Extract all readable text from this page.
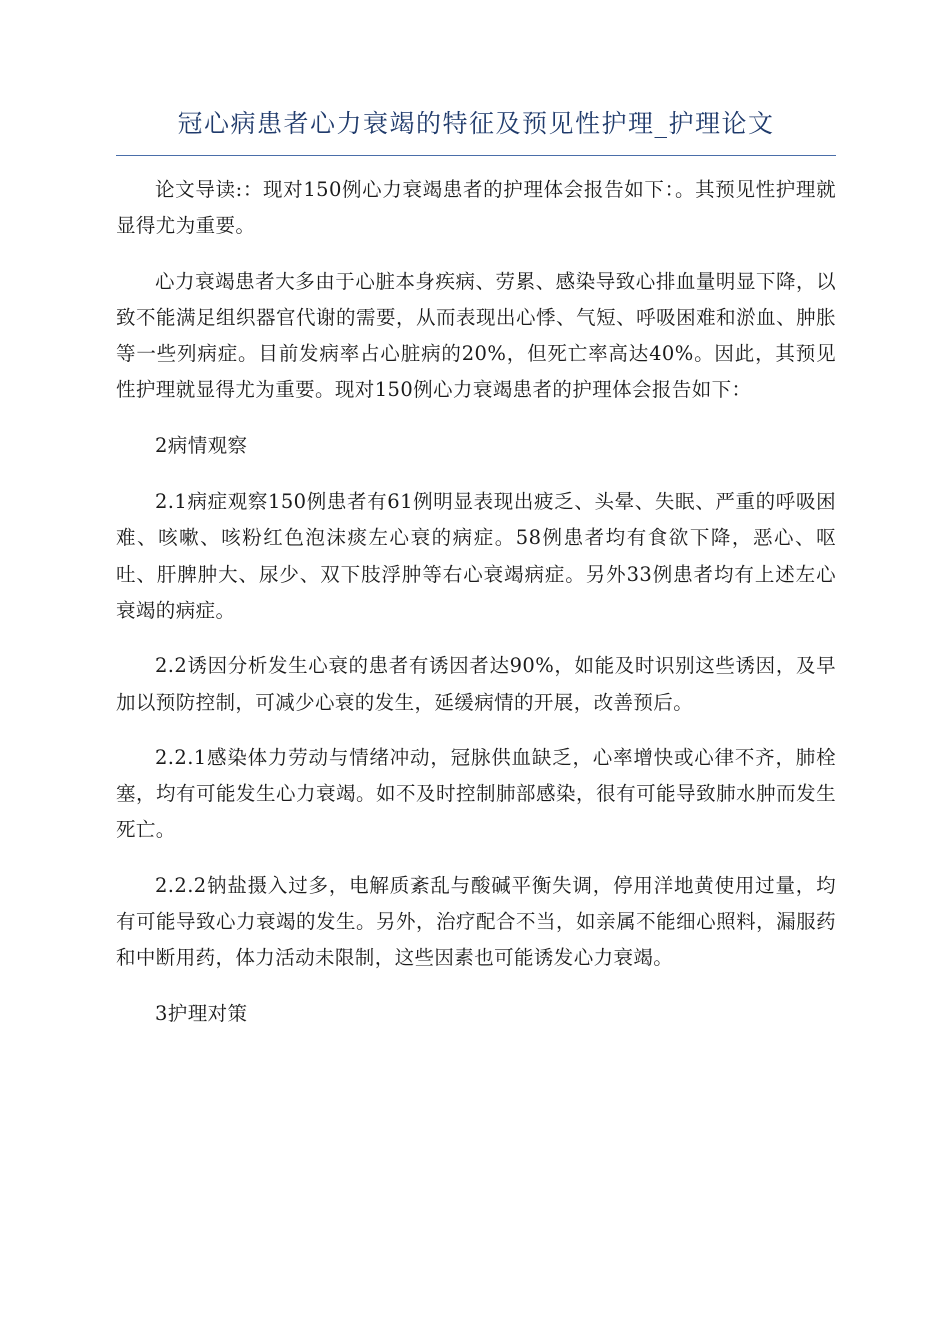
冠心病患者心力衰竭的特征及预见性护理_护理论文

论文导读:：现对150例心力衰竭患者的护理体会报告如下：。其预见性护理就显得尤为重要。

心力衰竭患者大多由于心脏本身疾病、劳累、感染导致心排血量明显下降，以致不能满足组织器官代谢的需要，从而表现出心悸、气短、呼吸困难和淤血、肿胀等一些列病症。目前发病率占心脏病的20%，但死亡率高达40%。因此，其预见性护理就显得尤为重要。现对150例心力衰竭患者的护理体会报告如下：

2病情观察

2.1病症观察150例患者有61例明显表现出疲乏、头晕、失眠、严重的呼吸困难、咳嗽、咳粉红色泡沫痰左心衰的病症。58例患者均有食欲下降，恶心、呕吐、肝脾肿大、尿少、双下肢浮肿等右心衰竭病症。另外33例患者均有上述左心衰竭的病症。

2.2诱因分析发生心衰的患者有诱因者达90%，如能及时识别这些诱因，及早加以预防控制，可减少心衰的发生，延缓病情的开展，改善预后。

2.2.1感染体力劳动与情绪冲动，冠脉供血缺乏，心率增快或心律不齐，肺栓塞，均有可能发生心力衰竭。如不及时控制肺部感染，很有可能导致肺水肿而发生死亡。

2.2.2钠盐摄入过多，电解质紊乱与酸碱平衡失调，停用洋地黄使用过量，均有可能导致心力衰竭的发生。另外，治疗配合不当，如亲属不能细心照料，漏服药和中断用药，体力活动未限制，这些因素也可能诱发心力衰竭。

3护理对策
